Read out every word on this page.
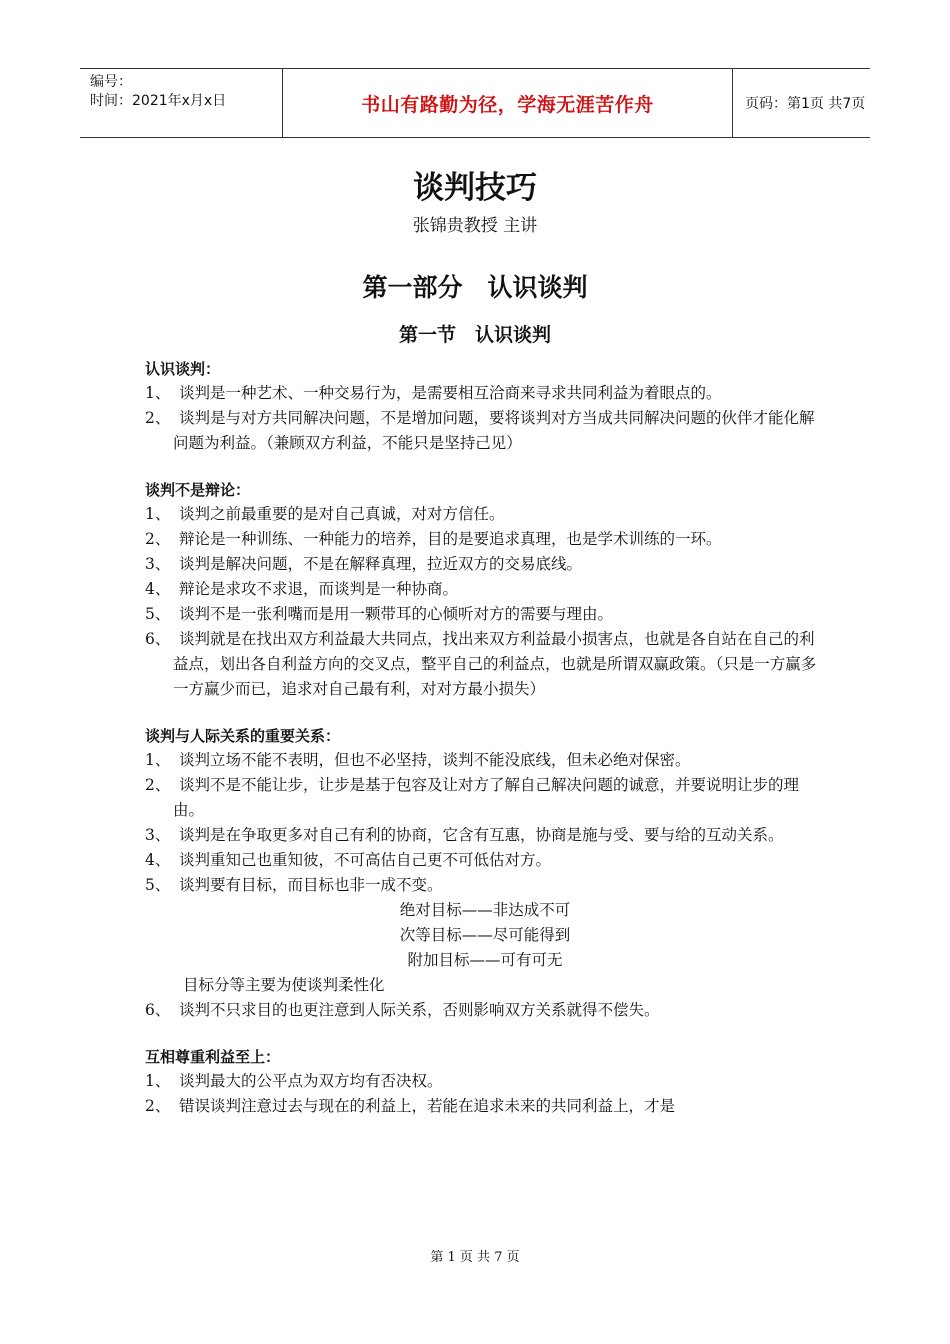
编号：
时间：2021年x月x日	书山有路勤为径，学海无涯苦作舟	页码：第1页 共7页
谈判技巧
张锦贵教授 主讲
第一部分　认识谈判
第一节　认识谈判
认识谈判：
1、 谈判是一种艺术、一种交易行为，是需要相互洽商来寻求共同利益为着眼点的。
2、 谈判是与对方共同解决问题，不是增加问题，要将谈判对方当成共同解决问题的伙伴才能化解问题为利益。（兼顾双方利益，不能只是坚持己见）
谈判不是辩论：
1、 谈判之前最重要的是对自己真诚，对对方信任。
2、 辩论是一种训练、一种能力的培养，目的是要追求真理，也是学术训练的一环。
3、 谈判是解决问题，不是在解释真理，拉近双方的交易底线。
4、 辩论是求攻不求退，而谈判是一种协商。
5、 谈判不是一张利嘴而是用一颗带耳的心倾听对方的需要与理由。
6、 谈判就是在找出双方利益最大共同点，找出来双方利益最小损害点，也就是各自站在自己的利益点，划出各自利益方向的交叉点，整平自己的利益点，也就是所谓双赢政策。（只是一方赢多一方赢少而已，追求对自己最有利，对对方最小损失）
谈判与人际关系的重要关系：
1、 谈判立场不能不表明，但也不必坚持，谈判不能没底线，但未必绝对保密。
2、 谈判不是不能让步，让步是基于包容及让对方了解自己解决问题的诚意，并要说明让步的理由。
3、 谈判是在争取更多对自己有利的协商，它含有互惠，协商是施与受、要与给的互动关系。
4、 谈判重知己也重知彼，不可高估自己更不可低估对方。
5、 谈判要有目标，而目标也非一成不变。
绝对目标——非达成不可
次等目标——尽可能得到
附加目标——可有可无
目标分等主要为使谈判柔性化
6、 谈判不只求目的也更注意到人际关系，否则影响双方关系就得不偿失。
互相尊重利益至上：
1、 谈判最大的公平点为双方均有否决权。
2、 错误谈判注意过去与现在的利益上，若能在追求未来的共同利益上，才是
第 1 页 共 7 页
